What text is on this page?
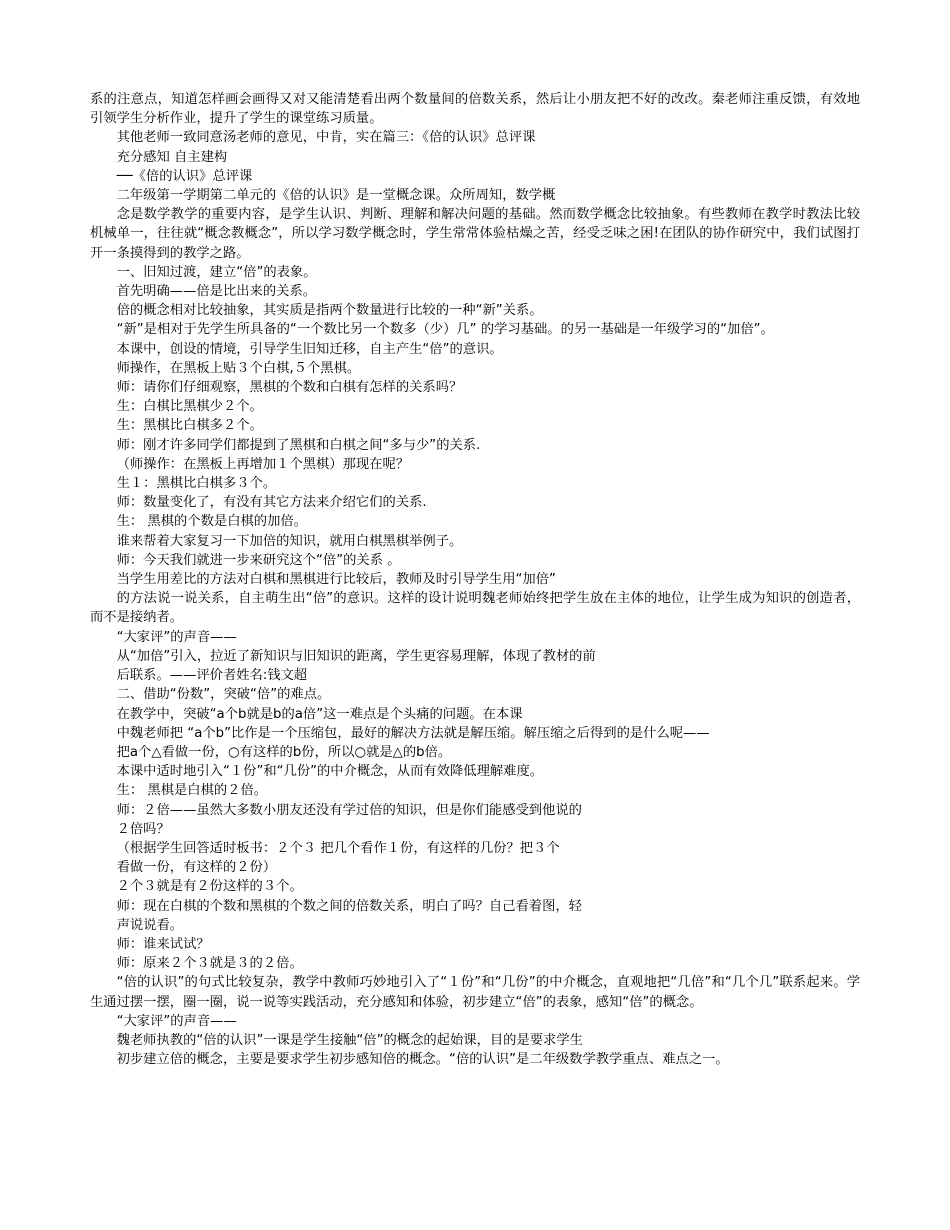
系的注意点，知道怎样画会画得又对又能清楚看出两个数量间的倍数关系，然后让小朋友把不好的改改。秦老师注重反馈，有效地引领学生分析作业，提升了学生的课堂练习质量。

其他老师一致同意汤老师的意见，中肯，实在篇三：《倍的认识》总评课

充分感知 自主建构

──《倍的认识》总评课

二年级第一学期第二单元的《倍的认识》是一堂概念课。众所周知，数学概

念是数学教学的重要内容，是学生认识、判断、理解和解决问题的基础。然而数学概念比较抽象。有些教师在教学时教法比较机械单一，往往就“概念教概念”，所以学习数学概念时，学生常常体验枯燥之苦，经受乏味之困!在团队的协作研究中，我们试图打开一条摸得到的教学之路。

一、旧知过渡，建立“倍”的表象。

首先明确——倍是比出来的关系。

倍的概念相对比较抽象，其实质是指两个数量进行比较的一种“新”关系。

“新”是相对于先学生所具备的“一个数比另一个数多（少）几” 的学习基础。的另一基础是一年级学习的“加倍”。

本课中，创设的情境，引导学生旧知迁移，自主产生“倍”的意识。

师操作，在黑板上贴３个白棋,５个黑棋。

师：请你们仔细观察，黑棋的个数和白棋有怎样的关系吗？

生：白棋比黑棋少２个。

生：黑棋比白棋多２个。

师：刚才许多同学们都提到了黑棋和白棋之间“多与少”的关系.

（师操作：在黑板上再增加１个黑棋）那现在呢？

生１：黑棋比白棋多３个。

师：数量变化了，有没有其它方法来介绍它们的关系.

生： 黑棋的个数是白棋的加倍。

谁来帮着大家复习一下加倍的知识，就用白棋黑棋举例子。

师：今天我们就进一步来研究这个“倍”的关系 。

当学生用差比的方法对白棋和黑棋进行比较后，教师及时引导学生用“加倍”

的方法说一说关系，自主萌生出“倍”的意识。这样的设计说明魏老师始终把学生放在主体的地位，让学生成为知识的创造者，而不是接纳者。

“大家评”的声音——

从“加倍”引入，拉近了新知识与旧知识的距离，学生更容易理解，体现了教材的前

后联系。——评价者姓名:钱文超

二、借助“份数”，突破“倍”的难点。

在教学中，突破“a个b就是b的a倍”这一难点是个头痛的问题。在本课

中魏老师把 “a个b”比作是一个压缩包，最好的解决方法就是解压缩。解压缩之后得到的是什么呢——

把a个△看做一份，○有这样的b份，所以○就是△的b倍。

本课中适时地引入“１份”和“几份”的中介概念，从而有效降低理解难度。

生： 黑棋是白棋的２倍。

师：２倍——虽然大多数小朋友还没有学过倍的知识，但是你们能感受到他说的

２倍吗？

（根据学生回答适时板书：２个３ 把几个看作１份，有这样的几份？把３个

看做一份，有这样的２份）

２个３就是有２份这样的３个。

师：现在白棋的个数和黑棋的个数之间的倍数关系，明白了吗？自己看着图，轻

声说说看。

师：谁来试试？

师：原来２个３就是３的２倍。

“倍的认识”的句式比较复杂，教学中教师巧妙地引入了“１份”和“几份”的中介概念，直观地把“几倍”和“几个几”联系起来。学生通过摆一摆，圈一圈，说一说等实践活动，充分感知和体验，初步建立“倍”的表象，感知“倍”的概念。

“大家评”的声音——

魏老师执教的“倍的认识”一课是学生接触“倍”的概念的起始课，目的是要求学生

初步建立倍的概念，主要是要求学生初步感知倍的概念。“倍的认识”是二年级数学教学重点、难点之一。
